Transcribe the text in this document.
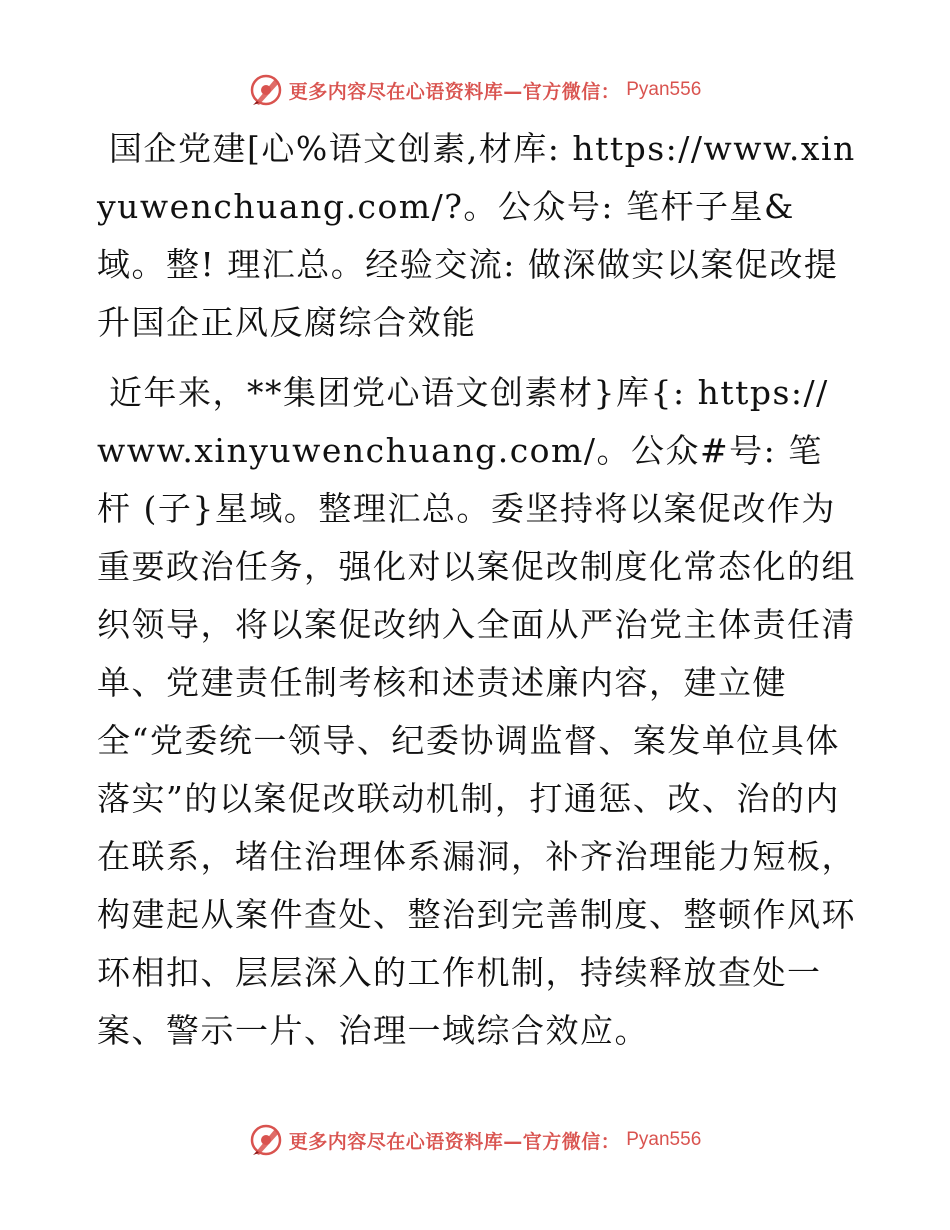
更多内容尽在心语资料库—官方微信： Pyan556

国企党建[心%语文创素,材库: https://www.xinyuwenchuang.com/?。公众号: 笔杆子星&域。整! 理汇总。经验交流: 做深做实以案促改提升国企正风反腐综合效能

近年来，**集团党心语文创素材}库{: https://www.xinyuwenchuang.com/。公众#号: 笔杆 (子}星域。整理汇总。委坚持将以案促改作为重要政治任务，强化对以案促改制度化常态化的组织领导，将以案促改纳入全面从严治党主体责任清单、党建责任制考核和述责述廉内容，建立健全“党委统一领导、纪委协调监督、案发单位具体落实”的以案促改联动机制，打通惩、改、治的内在联系，堵住治理体系漏洞，补齐治理能力短板，构建起从案件查处、整治到完善制度、整顿作风环环相扣、层层深入的工作机制，持续释放查处一案、警示一片、治理一域综合效应。

更多内容尽在心语资料库—官方微信： Pyan556
